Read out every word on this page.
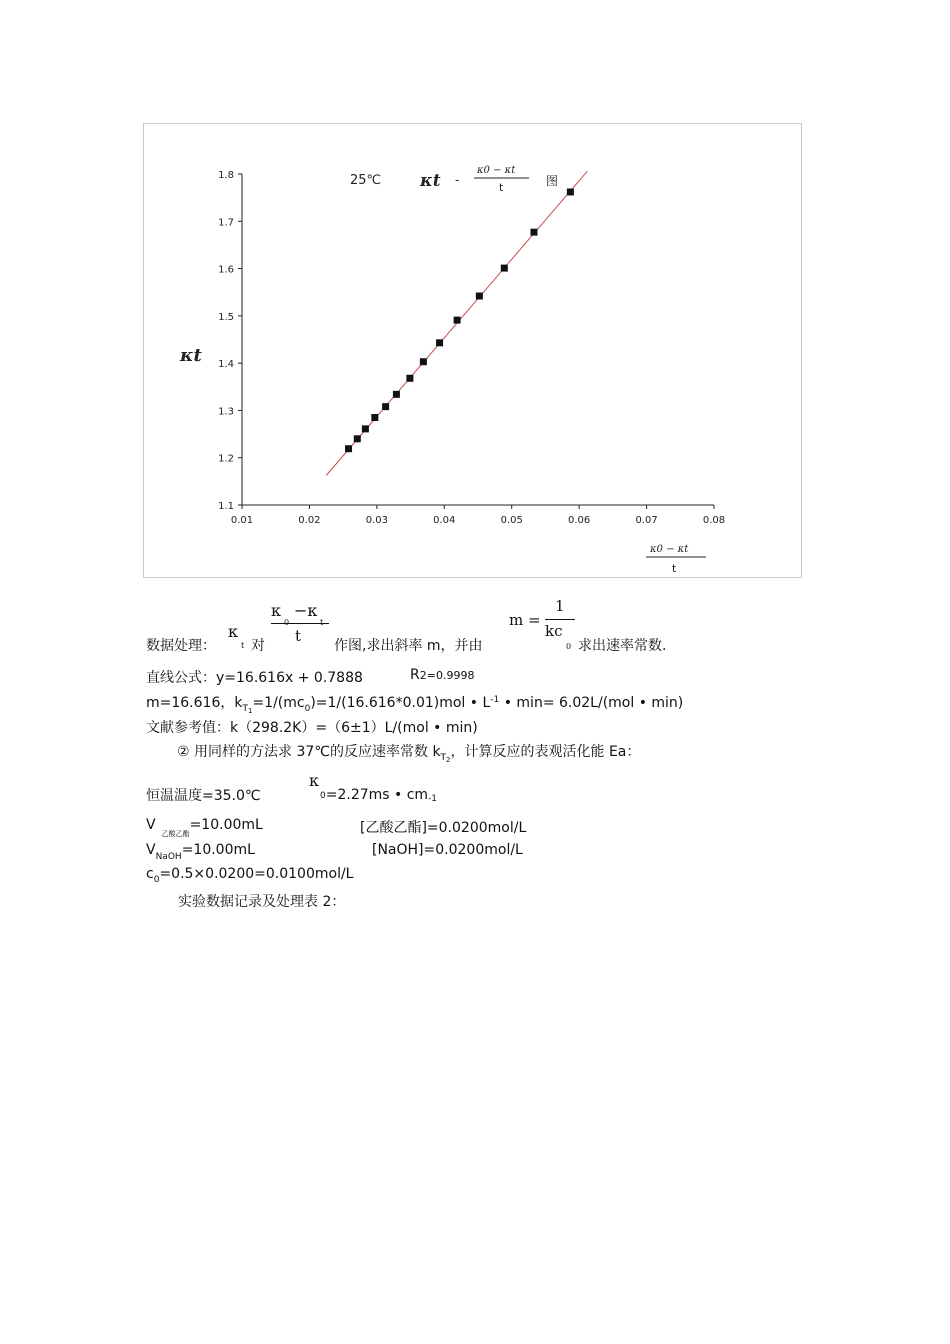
0.01	0.02	0.03	0.04	0.05	0.06	0.07	0.08
1.1
1.2
1.3
1.4
1.5
1.6
1.7
1.8	25℃ κt -
κ0 − κt
t	图
κt
κ0 − κt
t
数据处理：
κ
t 对
κ −κ
t
作图,求出斜率 m，并由
m =
1
kc
0 求出速率常数.
直线公式：y=16.616x + 0.7888	R2=0.9998
m=16.616，$k_{T1}=1/(mc_0)=1/(16.616*0.01)mol$ • $L^{-1}$ • min= 6.02L/(mol • min)
文献参考值：k（298.2K）=（6±1）L/(mol • min)
② 用同样的方法求 37℃的反应速率常数 $k_{T2}$，计算反应的表观活化能 Ea：
恒温温度=35.0℃
κ
0=2.27ms • $cm_{-1}$
$V_{乙酸乙酯}=10.00mL$	[乙酸乙酯]=0.0200mol/L
$V_{NaOH}=10.00mL$	[NaOH]=0.0200mol/L
$c_0=0.5\times 0.0200=0.0100mol/L$
实验数据记录及处理表 2：
